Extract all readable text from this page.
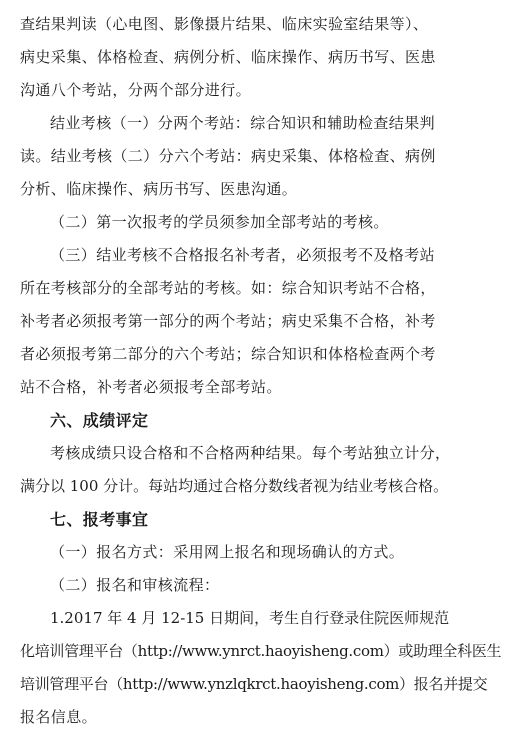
查结果判读（心电图、影像摄片结果、临床实验室结果等）、
病史采集、体格检查、病例分析、临床操作、病历书写、医患
沟通八个考站，分两个部分进行。
结业考核（一）分两个考站：综合知识和辅助检查结果判
读。结业考核（二）分六个考站：病史采集、体格检查、病例
分析、临床操作、病历书写、医患沟通。
（二）第一次报考的学员须参加全部考站的考核。
（三）结业考核不合格报名补考者，必须报考不及格考站
所在考核部分的全部考站的考核。如：综合知识考站不合格，
补考者必须报考第一部分的两个考站；病史采集不合格，补考
者必须报考第二部分的六个考站；综合知识和体格检查两个考
站不合格，补考者必须报考全部考站。
六、成绩评定
考核成绩只设合格和不合格两种结果。每个考站独立计分，
满分以 100 分计。每站均通过合格分数线者视为结业考核合格。
七、报考事宜
（一）报名方式：采用网上报名和现场确认的方式。
（二）报名和审核流程：
1.2017 年 4 月 12-15 日期间，考生自行登录住院医师规范
化培训管理平台（http://www.ynrct.haoyisheng.com）或助理全科医生
培训管理平台（http://www.ynzlqkrct.haoyisheng.com）报名并提交
报名信息。
